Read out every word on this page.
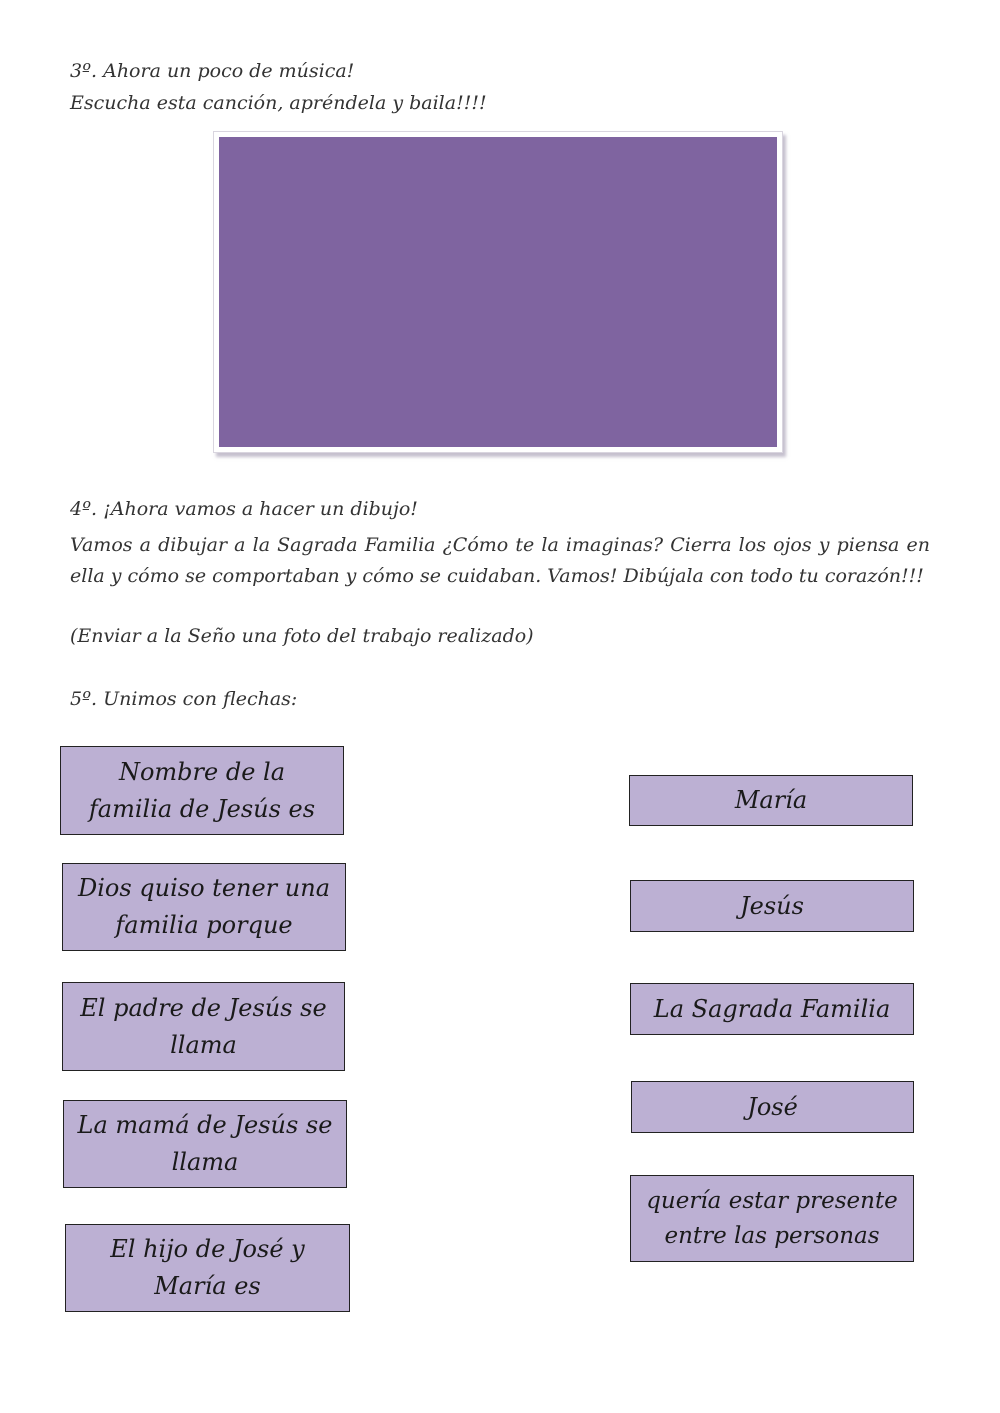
3º. Ahora un poco de música!
Escucha esta canción, apréndela y baila!!!!
4º. ¡Ahora vamos a hacer un dibujo!
Vamos a dibujar a la Sagrada Familia ¿Cómo te la imaginas? Cierra los ojos y piensa en ella y cómo se comportaban y cómo se cuidaban. Vamos! Dibújala con todo tu corazón!!!
(Enviar a la Seño una foto del trabajo realizado)
5º. Unimos con flechas:
Nombre de la
familia de Jesús es
Dios quiso tener una
familia porque
El padre de Jesús se
llama
La mamá de Jesús se
llama
El hijo de José y
María es
María
Jesús
La Sagrada Familia
José
quería estar presente
entre las personas
